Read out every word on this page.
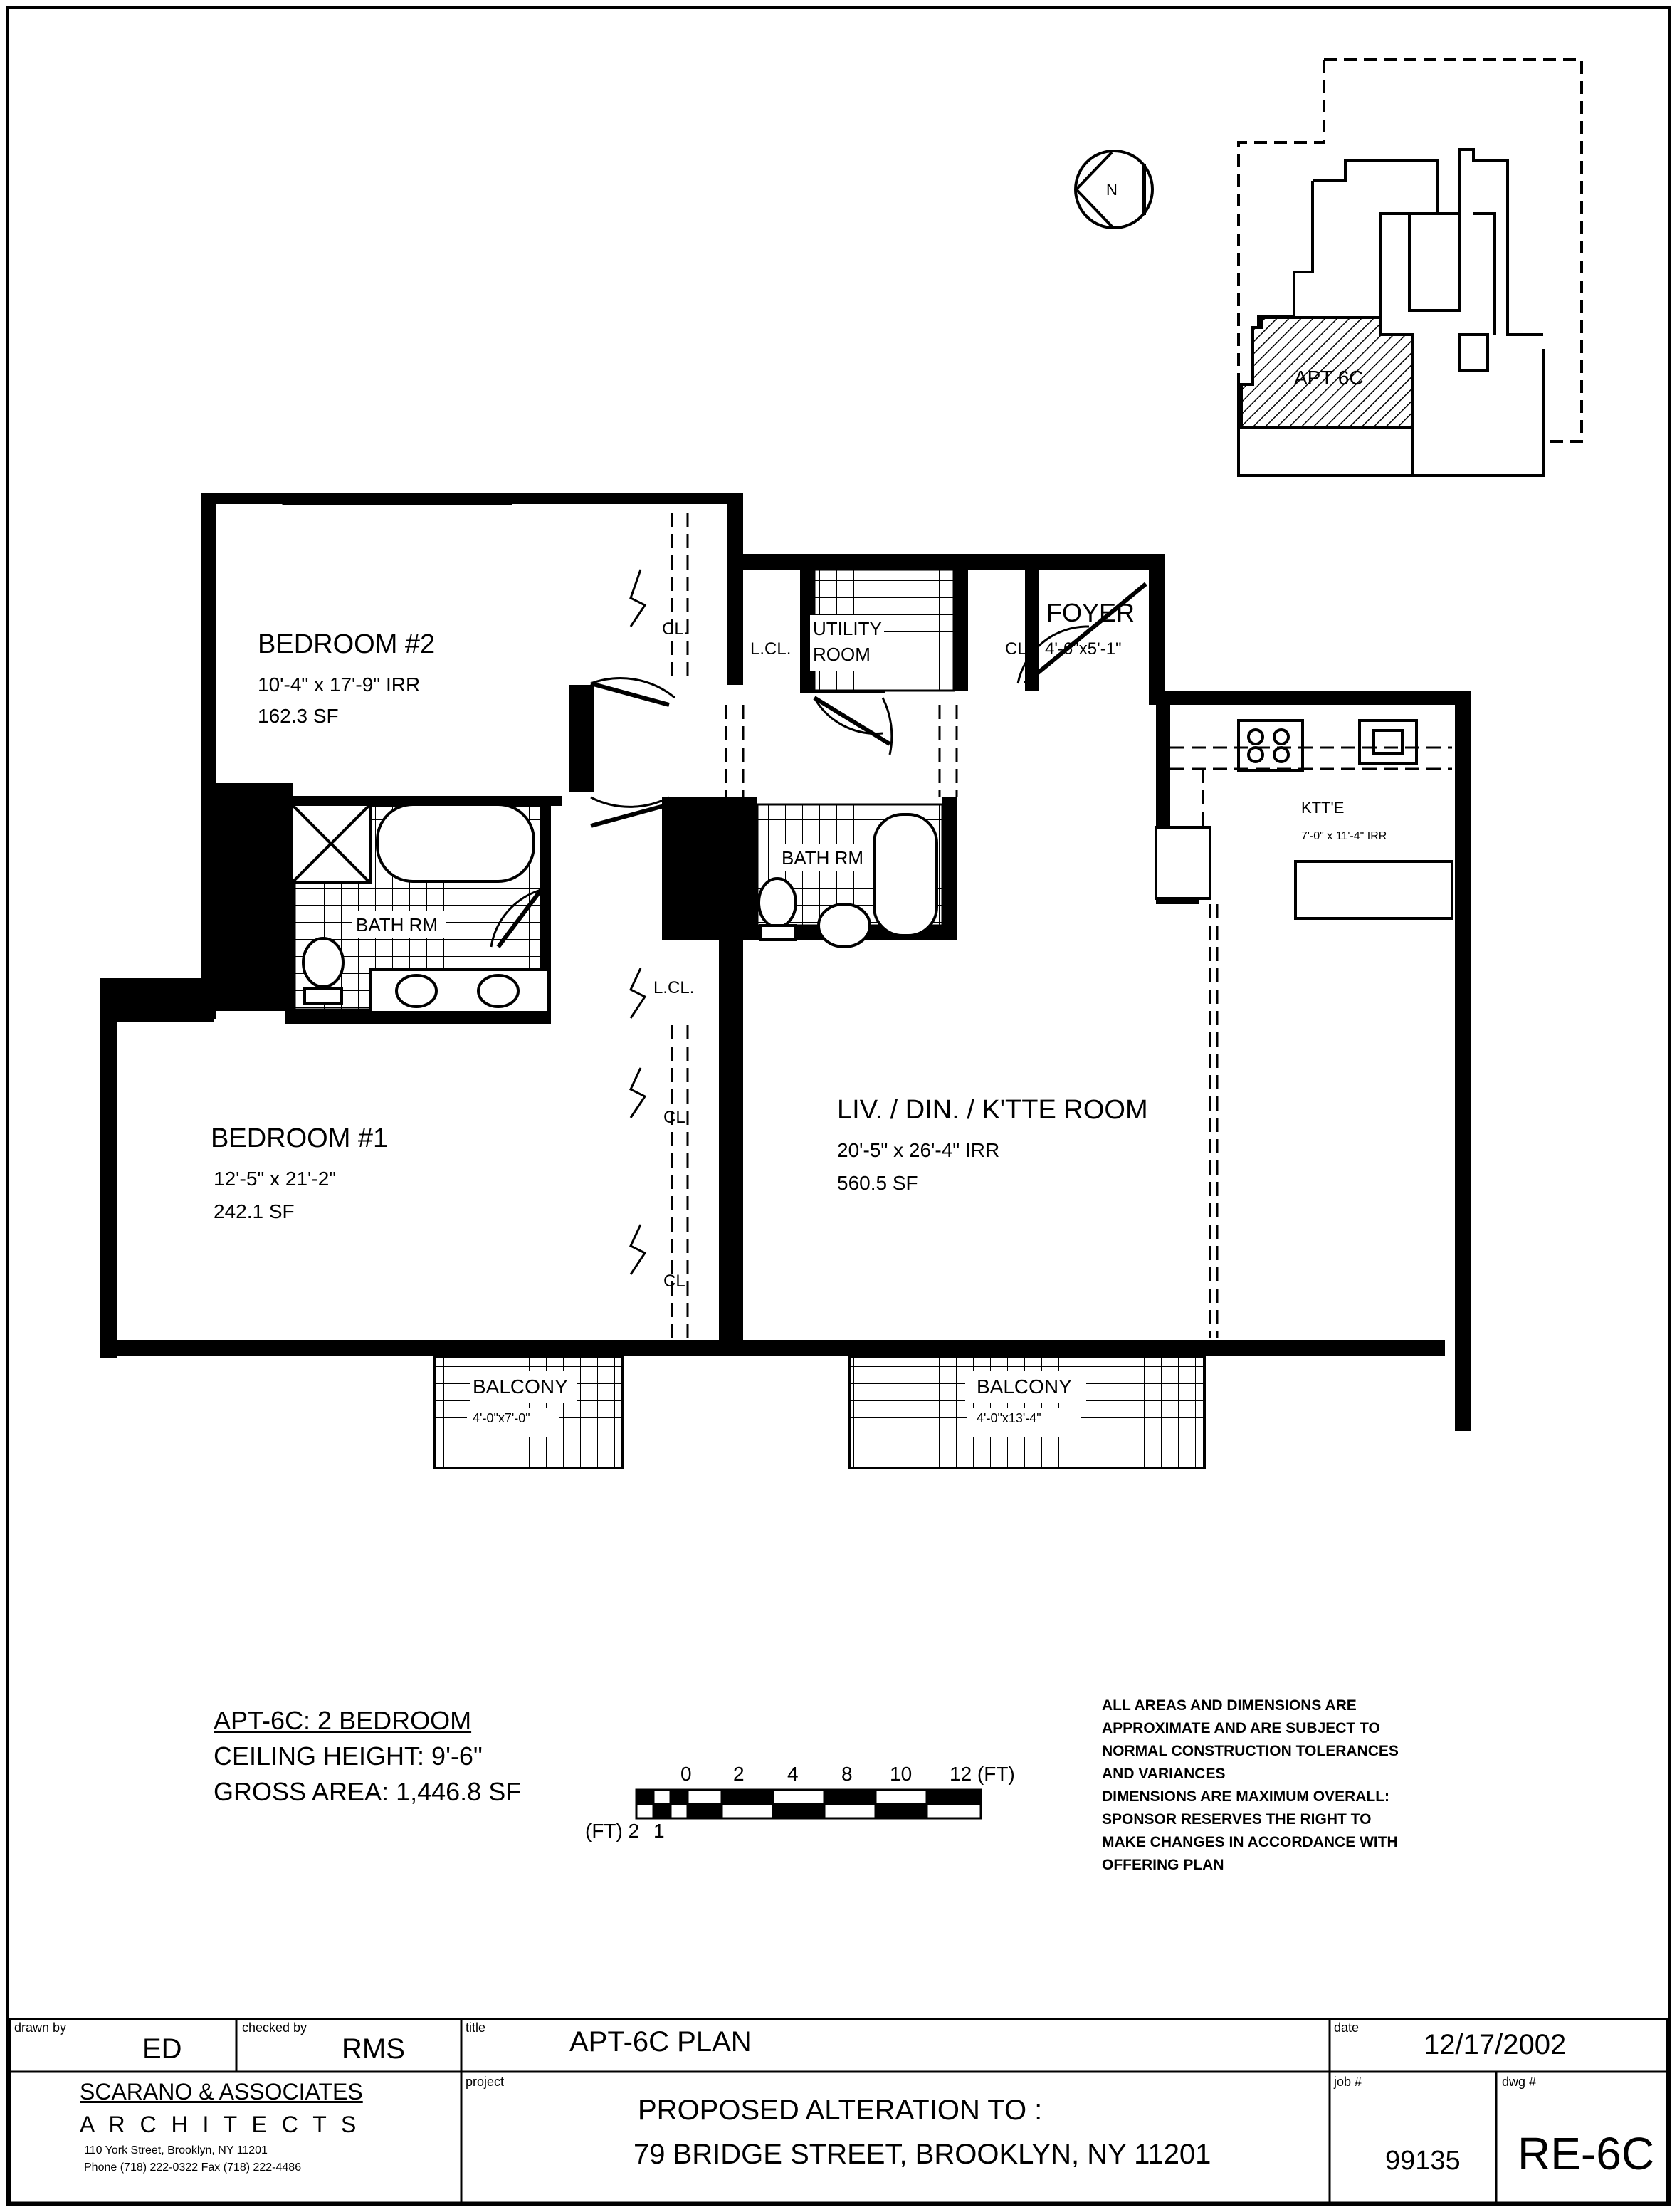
APT 6C
N
BEDROOM #2
10'-4" x 17'-9" IRR
162.3 SF
BEDROOM #1
12'-5" x 21'-2"
242.1 SF
LIV. / DIN. / K'TTE ROOM
20'-5" x 26'-4" IRR
560.5 SF
KTT'E
7'-0" x 11'-4" IRR
FOYER
4'-6"x5'-1"
UTILITY
ROOM
BATH RM
BATH RM
M.S.
CL.
CL.
CL.
CL.
L.CL.
L.CL.
BALCONY
4'-0"x7'-0"
BALCONY
4'-0"x13'-4"
APT-6C: 2 BEDROOM
CEILING HEIGHT: 9'-6"
GROSS AREA: 1,446.8 SF
0 2 4 8 10 12 (FT)
(FT) 2 1
ALL AREAS AND DIMENSIONS ARE
APPROXIMATE AND ARE SUBJECT TO
NORMAL CONSTRUCTION TOLERANCES
AND VARIANCES
DIMENSIONS ARE MAXIMUM OVERALL:
SPONSOR RESERVES THE RIGHT TO
MAKE CHANGES IN ACCORDANCE WITH
OFFERING PLAN
drawn by
ED
checked by
RMS
title	APT-6C PLAN	date
12/17/2002
SCARANO & ASSOCIATES
A R C H I T E C T S
110 York Street, Brooklyn, NY 11201
Phone (718) 222-0322 Fax (718) 222-4486
project
PROPOSED ALTERATION TO :
79 BRIDGE STREET, BROOKLYN, NY 11201
job #
99135
dwg #
RE-6C
